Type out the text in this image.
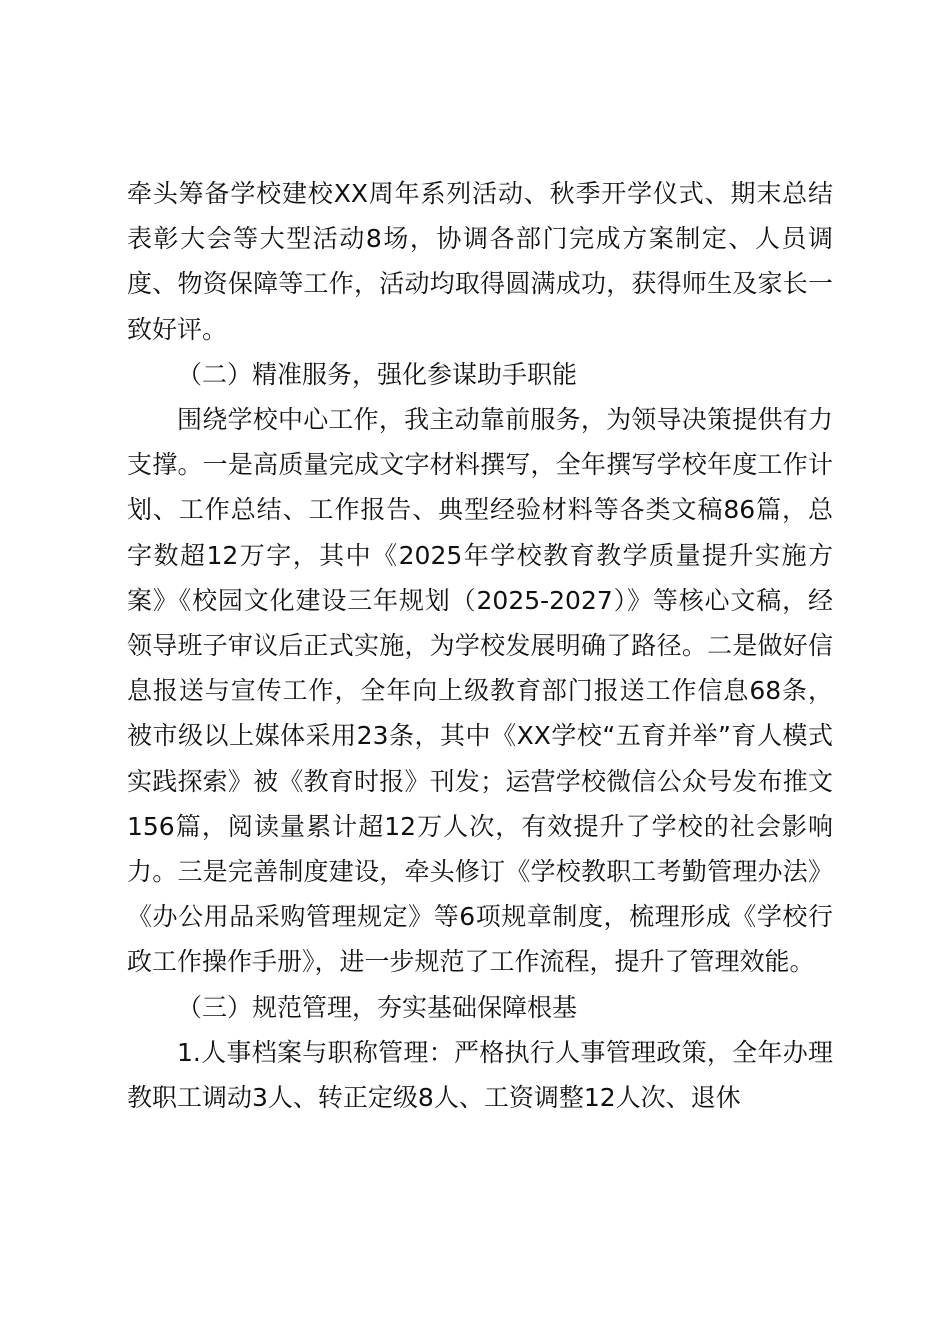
牵头筹备学校建校XX周年系列活动、秋季开学仪式、期末总结表彰大会等大型活动8场，协调各部门完成方案制定、人员调度、物资保障等工作，活动均取得圆满成功，获得师生及家长一致好评。

（二）精准服务，强化参谋助手职能

围绕学校中心工作，我主动靠前服务，为领导决策提供有力支撑。一是高质量完成文字材料撰写，全年撰写学校年度工作计划、工作总结、工作报告、典型经验材料等各类文稿86篇，总字数超12万字，其中《2025年学校教育教学质量提升实施方案》《校园文化建设三年规划（2025-2027）》等核心文稿，经领导班子审议后正式实施，为学校发展明确了路径。二是做好信息报送与宣传工作，全年向上级教育部门报送工作信息68条，被市级以上媒体采用23条，其中《XX学校“五育并举”育人模式实践探索》被《教育时报》刊发；运营学校微信公众号发布推文156篇，阅读量累计超12万人次，有效提升了学校的社会影响力。三是完善制度建设，牵头修订《学校教职工考勤管理办法》《办公用品采购管理规定》等6项规章制度，梳理形成《学校行政工作操作手册》，进一步规范了工作流程，提升了管理效能。

（三）规范管理，夯实基础保障根基

1.人事档案与职称管理：严格执行人事管理政策，全年办理教职工调动3人、转正定级8人、工资调整12人次、退休
